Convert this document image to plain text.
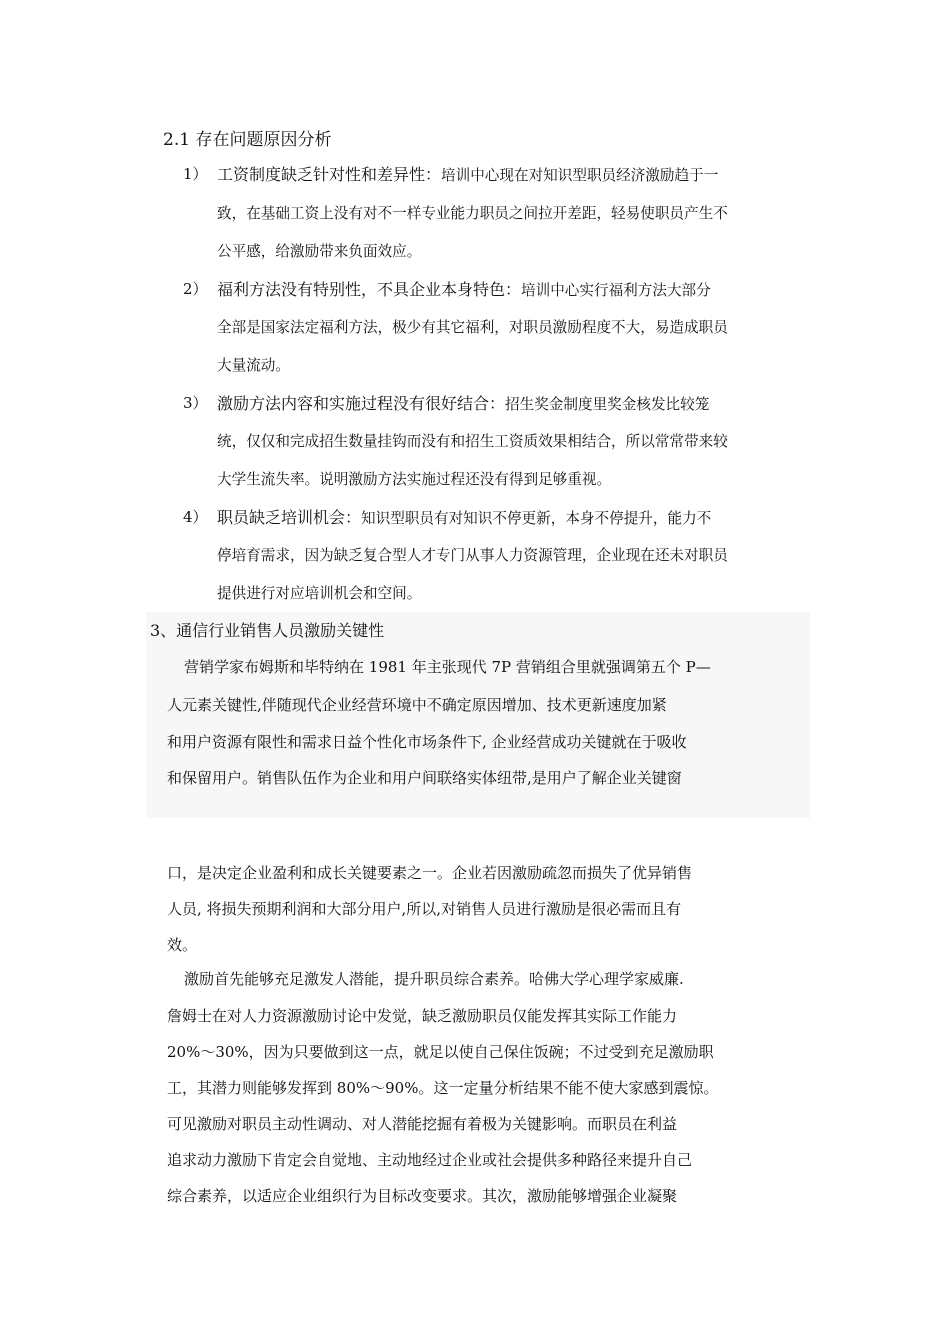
2.1 存在问题原因分析
1） 工资制度缺乏针对性和差异性：培训中心现在对知识型职员经济激励趋于一
致，在基础工资上没有对不一样专业能力职员之间拉开差距，轻易使职员产生不
公平感，给激励带来负面效应。
2） 福利方法没有特别性，不具企业本身特色：培训中心实行福利方法大部分
全部是国家法定福利方法，极少有其它福利，对职员激励程度不大，易造成职员
大量流动。
3） 激励方法内容和实施过程没有很好结合：招生奖金制度里奖金核发比较笼
统，仅仅和完成招生数量挂钩而没有和招生工资质效果相结合，所以常常带来较
大学生流失率。说明激励方法实施过程还没有得到足够重视。
4） 职员缺乏培训机会：知识型职员有对知识不停更新，本身不停提升，能力不
停培育需求，因为缺乏复合型人才专门从事人力资源管理，企业现在还未对职员
提供进行对应培训机会和空间。
3、通信行业销售人员激励关键性
营销学家布姆斯和毕特纳在 1981 年主张现代 7P 营销组合里就强调第五个 P—
人元素关键性,伴随现代企业经营环境中不确定原因增加、技术更新速度加紧
和用户资源有限性和需求日益个性化市场条件下, 企业经营成功关键就在于吸收
和保留用户。销售队伍作为企业和用户间联络实体纽带,是用户了解企业关键窗
口，是决定企业盈利和成长关键要素之一。企业若因激励疏忽而损失了优异销售
人员, 将损失预期利润和大部分用户,所以,对销售人员进行激励是很必需而且有
效。
激励首先能够充足激发人潜能，提升职员综合素养。哈佛大学心理学家威廉.
詹姆士在对人力资源激励讨论中发觉，缺乏激励职员仅能发挥其实际工作能力
20%～30%，因为只要做到这一点，就足以使自己保住饭碗；不过受到充足激励职
工，其潜力则能够发挥到 80%～90%。这一定量分析结果不能不使大家感到震惊。
可见激励对职员主动性调动、对人潜能挖掘有着极为关键影响。而职员在利益
追求动力激励下肯定会自觉地、主动地经过企业或社会提供多种路径来提升自己
综合素养，以适应企业组织行为目标改变要求。其次，激励能够增强企业凝聚
